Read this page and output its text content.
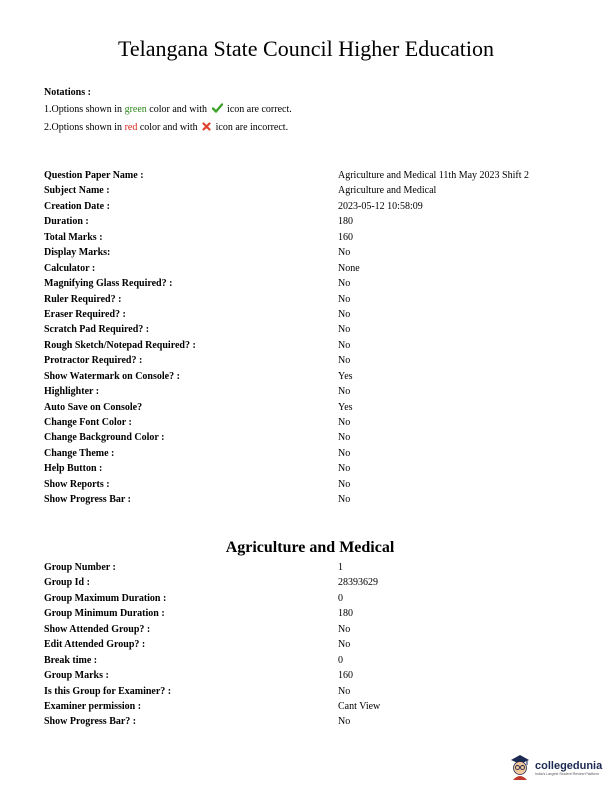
Telangana State Council Higher Education
Notations :
1.Options shown in green color and with icon are correct.
2.Options shown in red color and with icon are incorrect.
Question Paper Name :	Agriculture and Medical 11th May 2023 Shift 2
Subject Name :	Agriculture and Medical
Creation Date :	2023-05-12 10:58:09
Duration :	180
Total Marks :	160
Display Marks:	No
Calculator :	None
Magnifying Glass Required? :	No
Ruler Required? :	No
Eraser Required? :	No
Scratch Pad Required? :	No
Rough Sketch/Notepad Required? :	No
Protractor Required? :	No
Show Watermark on Console? :	Yes
Highlighter :	No
Auto Save on Console?	Yes
Change Font Color :	No
Change Background Color :	No
Change Theme :	No
Help Button :	No
Show Reports :	No
Show Progress Bar :	No
Agriculture and Medical
Group Number :	1
Group Id :	28393629
Group Maximum Duration :	0
Group Minimum Duration :	180
Show Attended Group? :	No
Edit Attended Group? :	No
Break time :	0
Group Marks :	160
Is this Group for Examiner? :	No
Examiner permission :	Cant View
Show Progress Bar? :	No
collegedunia
India's Largest Student Review Platform
